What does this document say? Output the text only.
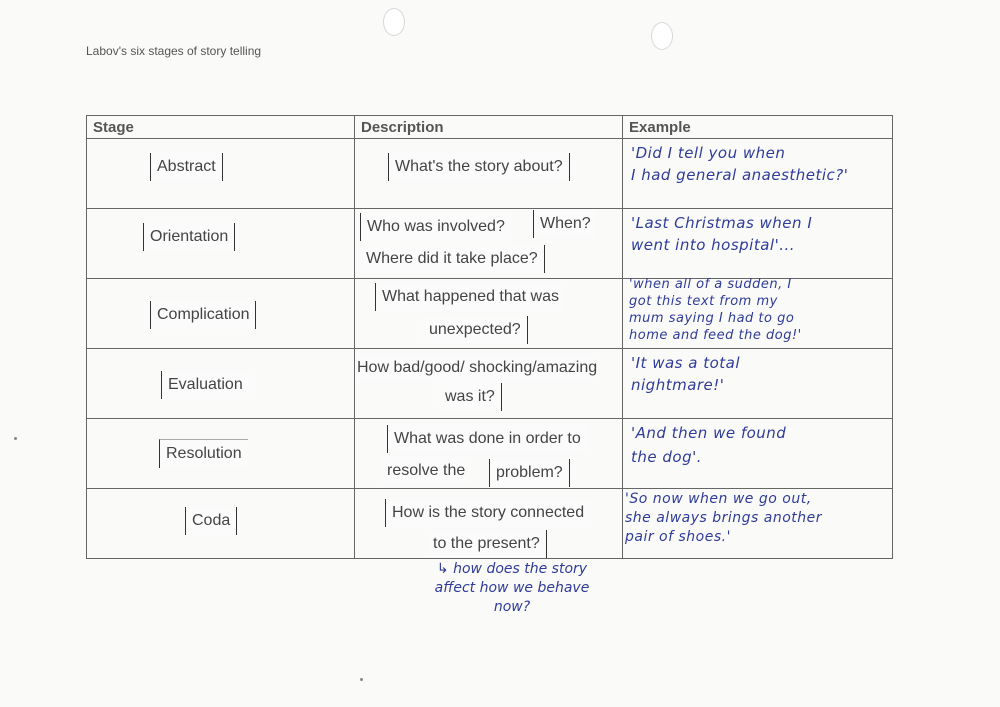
Labov's six stages of story telling
Stage	Description	Example

Abstract	What's the story about?	'Did I tell you when
I had general anaesthetic?'

Orientation	Who was involved? When?
Where did it take place?	'Last Christmas when I
went into hospital'...

Complication	What happened that was
unexpected?	'when all of a sudden, I
got this text from my
mum saying I had to go
home and feed the dog!'

Evaluation	How bad/good/ shocking/amazing
was it?	'It was a total
nightmare!'

Resolution	What was done in order to
resolve the problem?	'And then we found
the dog'.

Coda	How is the story connected
to the present?	'So now when we go out,
she always brings another
pair of shoes.'
↳ how does the story
affect how we behave
now?
